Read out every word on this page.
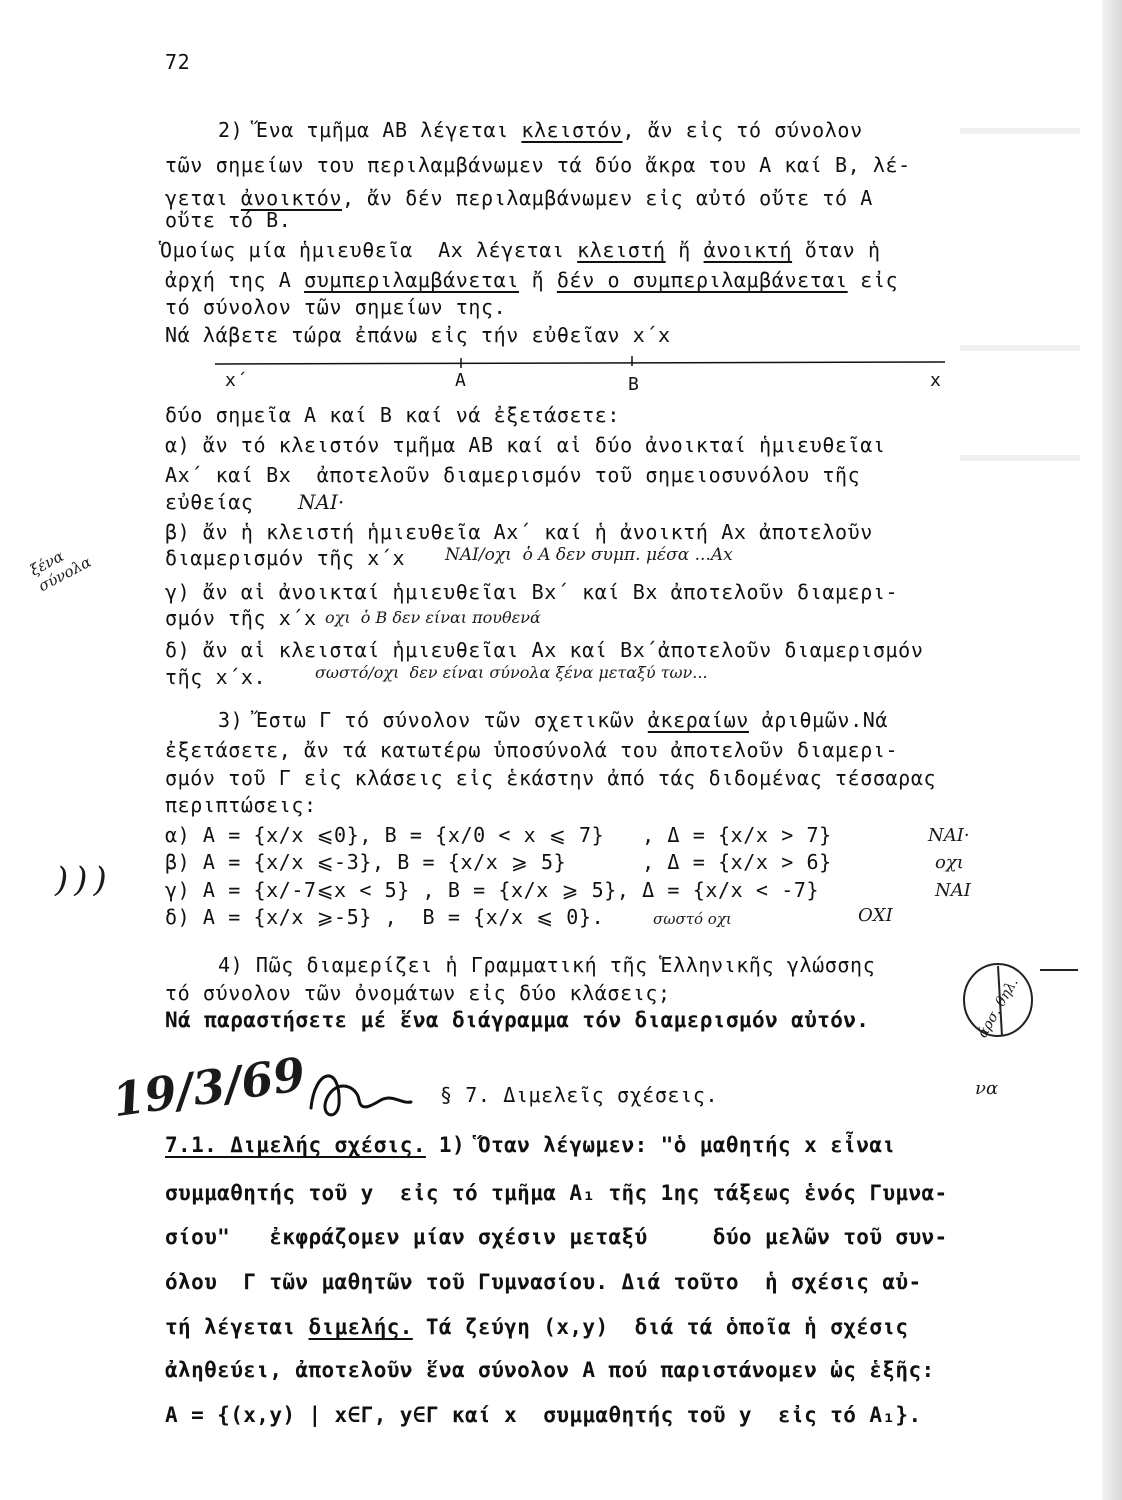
72
2) Ἕνα τμῆμα ΑΒ λέγεται κλειστόν, ἄν εἰς τό σύνολον
τῶν σημείων του περιλαμβάνωμεν τά δύο ἄκρα του Α καί Β, λέ-
γεται ἀνοικτόν, ἄν δέν περιλαμβάνωμεν εἰς αὐτό οὔτε τό Α
οὔτε τό Β.
Ὁμοίως μία ἡμιευθεῖα  Αx λέγεται κλειστή ἤ ἀνοικτή ὅταν ἡ
ἀρχή της Α συμπεριλαμβάνεται ἤ δέν ο συμπεριλαμβάνεται εἰς
τό σύνολον τῶν σημείων της.
Νά λάβετε τώρα ἐπάνω εἰς τήν εὐθεῖαν x΄x
x΄	Α	Β	x
δύο σημεῖα Α καί Β καί νά ἐξετάσετε:
α) ἄν τό κλειστόν τμῆμα ΑΒ καί αἱ δύο ἀνοικταί ἡμιευθεῖαι
Αx΄ καί Βx  ἀποτελοῦν διαμερισμόν τοῦ σημειοσυνόλου τῆς
εὐθείας ΝΑΙ·
β) ἄν ἡ κλειστή ἡμιευθεῖα Αx΄ καί ἡ ἀνοικτή Αx ἀποτελοῦν
διαμερισμόν τῆς x΄x ΝΑΙ/οχι  ὁ Α δεν συμπ. μέσα ...Αx
ξένα
σύνολα	γ) ἄν αἱ ἀνοικταί ἡμιευθεῖαι Βx΄ καί Βx ἀποτελοῦν διαμερι-
σμόν τῆς x΄x οχι  ὁ Β δεν είναι πουθενά
δ) ἄν αἱ κλεισταί ἡμιευθεῖαι Αx καί Βx΄ἀποτελοῦν διαμερισμόν
τῆς x΄x.	σωστό/οχι  δεν είναι σύνολα ξένα μεταξύ των...
3) Ἔστω Γ τό σύνολον τῶν σχετικῶν ἀκεραίων ἀριθμῶν.Νά
ἐξετάσετε, ἄν τά κατωτέρω ὑποσύνολά του ἀποτελοῦν διαμερι-
σμόν τοῦ Γ εἰς κλάσεις εἰς ἑκάστην ἀπό τάς διδομένας τέσσαρας
περιπτώσεις:
α) Α = {x/x ⩽0}, Β = {x/0 < x ⩽ 7}   , Δ = {x/x > 7}	ΝΑΙ·
β) Α = {x/x ⩽-3}, Β = {x/x ⩾ 5}      , Δ = {x/x > 6}	οχι
γ) Α = {x/-7⩽x < 5} , Β = {x/x ⩾ 5}, Δ = {x/x < -7}	ΝΑΙ
δ) Α = {x/x ⩾-5} ,  Β = {x/x ⩽ 0}.	σωστό οχι	ΟΧΙ
)))
4) Πῶς διαμερίζει ἡ Γραμματική τῆς Ἑλληνικῆς γλώσσης
τό σύνολον τῶν ὀνομάτων εἰς δύο κλάσεις;
Νά παραστήσετε μέ ἕνα διάγραμμα τόν διαμερισμόν αὐτόν.	άρσ. θηλ.
19/3/69	§ 7. Διμελεῖς σχέσεις.	να
7.1. Διμελής σχέσις. 1) Ὅταν λέγωμεν: "ὁ μαθητής x εἶναι
συμμαθητής τοῦ y  εἰς τό τμῆμα Α₁ τῆς 1ης τάξεως ἑνός Γυμνα-
σίου"   ἐκφράζομεν μίαν σχέσιν μεταξύ     δύο μελῶν τοῦ συν-
όλου  Γ τῶν μαθητῶν τοῦ Γυμνασίου. Διά τοῦτο  ἡ σχέσις αὐ-
τή λέγεται διμελής. Τά ζεύγη (x,y)  διά τά ὁποῖα ἡ σχέσις
ἀληθεύει, ἀποτελοῦν ἕνα σύνολον Α πού παριστάνομεν ὡς ἑξῆς:
Α = {(x,y) | x∈Γ, y∈Γ καί x  συμμαθητής τοῦ y  εἰς τό Α₁}.
